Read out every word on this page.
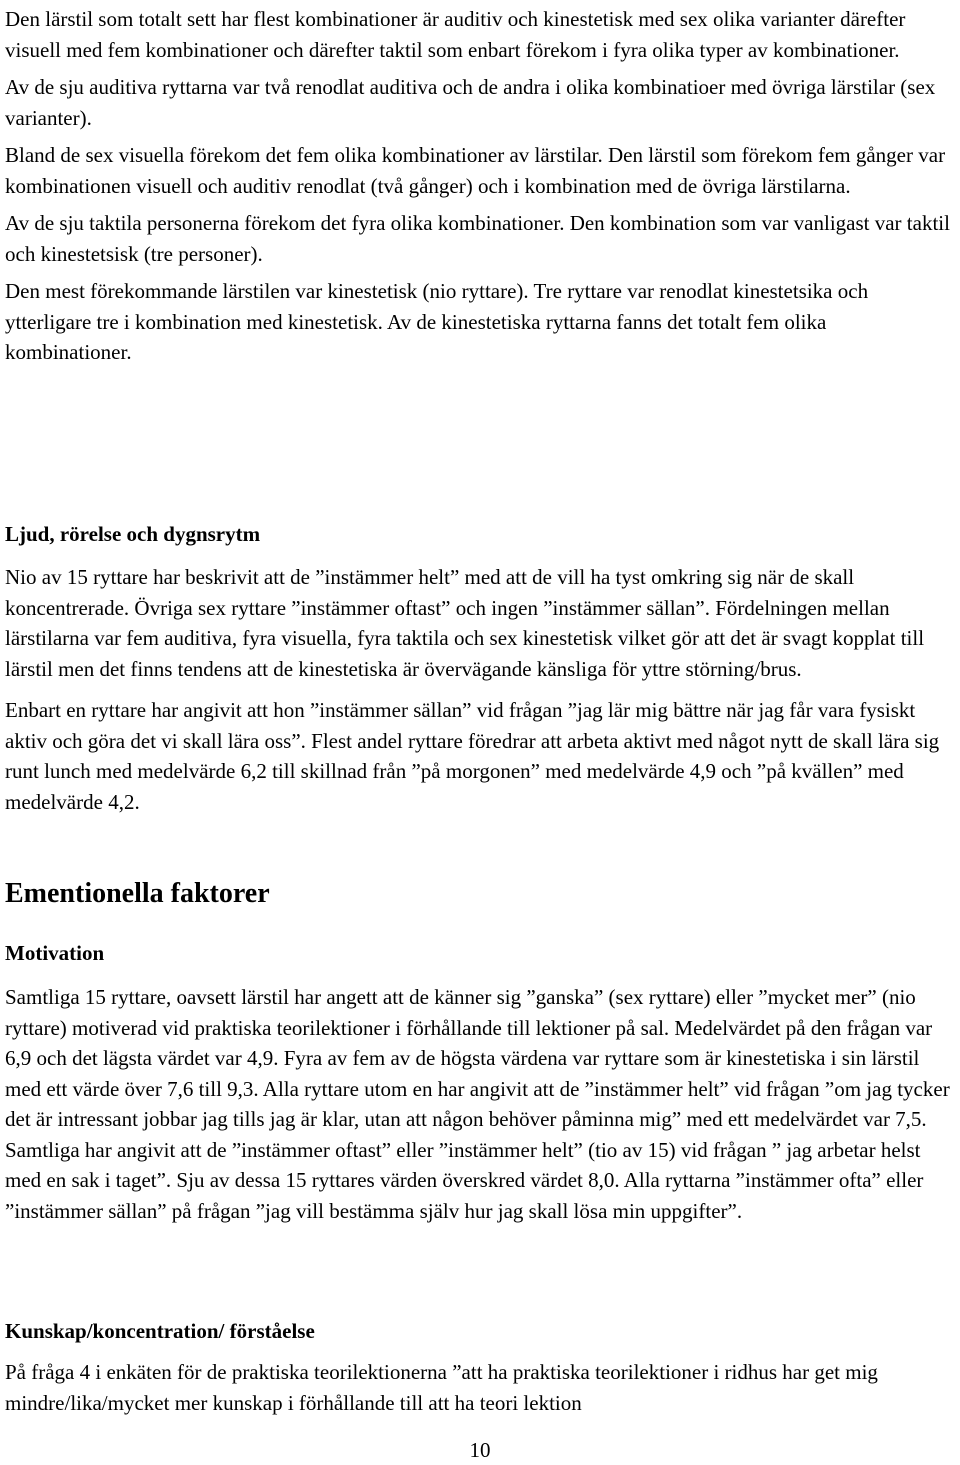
Den lärstil som totalt sett har flest kombinationer är auditiv och kinestetisk med sex olika varianter därefter visuell med fem kombinationer och därefter taktil som enbart förekom i fyra olika typer av kombinationer.

Av de sju auditiva ryttarna var två renodlat auditiva och de andra i olika kombinatioer med övriga lärstilar (sex varianter).

Bland de sex visuella förekom det fem olika kombinationer av lärstilar. Den lärstil som förekom fem gånger var kombinationen visuell och auditiv renodlat (två gånger) och i kombination med de övriga lärstilarna.

Av de sju taktila personerna förekom det fyra olika kombinationer. Den kombination som var vanligast var taktil och kinestetsisk (tre personer).

Den mest förekommande lärstilen var kinestetisk (nio ryttare). Tre ryttare var renodlat kinestetsika och ytterligare tre i kombination med kinestetisk. Av de kinestetiska ryttarna fanns det totalt fem olika kombinationer.

Ljud, rörelse och dygnsrytm

Nio av 15 ryttare har beskrivit att de ”instämmer helt” med att de vill ha tyst omkring sig när de skall koncentrerade. Övriga sex ryttare ”instämmer oftast” och ingen ”instämmer sällan”. Fördelningen mellan lärstilarna var fem auditiva, fyra visuella, fyra taktila och sex kinestetisk vilket gör att det är svagt kopplat till lärstil men det finns tendens att de kinestetiska är övervägande känsliga för yttre störning/brus.

Enbart en ryttare har angivit att hon ”instämmer sällan” vid frågan ”jag lär mig bättre när jag får vara fysiskt aktiv och göra det vi skall lära oss”. Flest andel ryttare föredrar att arbeta aktivt med något nytt de skall lära sig runt lunch med medelvärde 6,2 till skillnad från ”på morgonen” med medelvärde 4,9 och ”på kvällen” med medelvärde 4,2.

Ementionella faktorer
Motivation

Samtliga 15 ryttare, oavsett lärstil har angett att de känner sig ”ganska” (sex ryttare) eller ”mycket mer” (nio ryttare) motiverad vid praktiska teorilektioner i förhållande till lektioner på sal. Medelvärdet på den frågan var 6,9 och det lägsta värdet var 4,9. Fyra av fem av de högsta värdena var ryttare som är kinestetiska i sin lärstil med ett värde över 7,6 till 9,3. Alla ryttare utom en har angivit att de ”instämmer helt” vid frågan ”om jag tycker det är intressant jobbar jag tills jag är klar, utan att någon behöver påminna mig” med ett medelvärdet var 7,5. Samtliga har angivit att de ”instämmer oftast” eller ”instämmer helt” (tio av 15) vid frågan ” jag arbetar helst med en sak i taget”. Sju av dessa 15 ryttares värden överskred värdet 8,0. Alla ryttarna ”instämmer ofta” eller ”instämmer sällan” på frågan ”jag vill bestämma själv hur jag skall lösa min uppgifter”.

Kunskap/koncentration/ förståelse

På fråga 4 i enkäten för de praktiska teorilektionerna ”att ha praktiska teorilektioner i ridhus har get mig mindre/lika/mycket mer kunskap i förhållande till att ha teori lektion

10
